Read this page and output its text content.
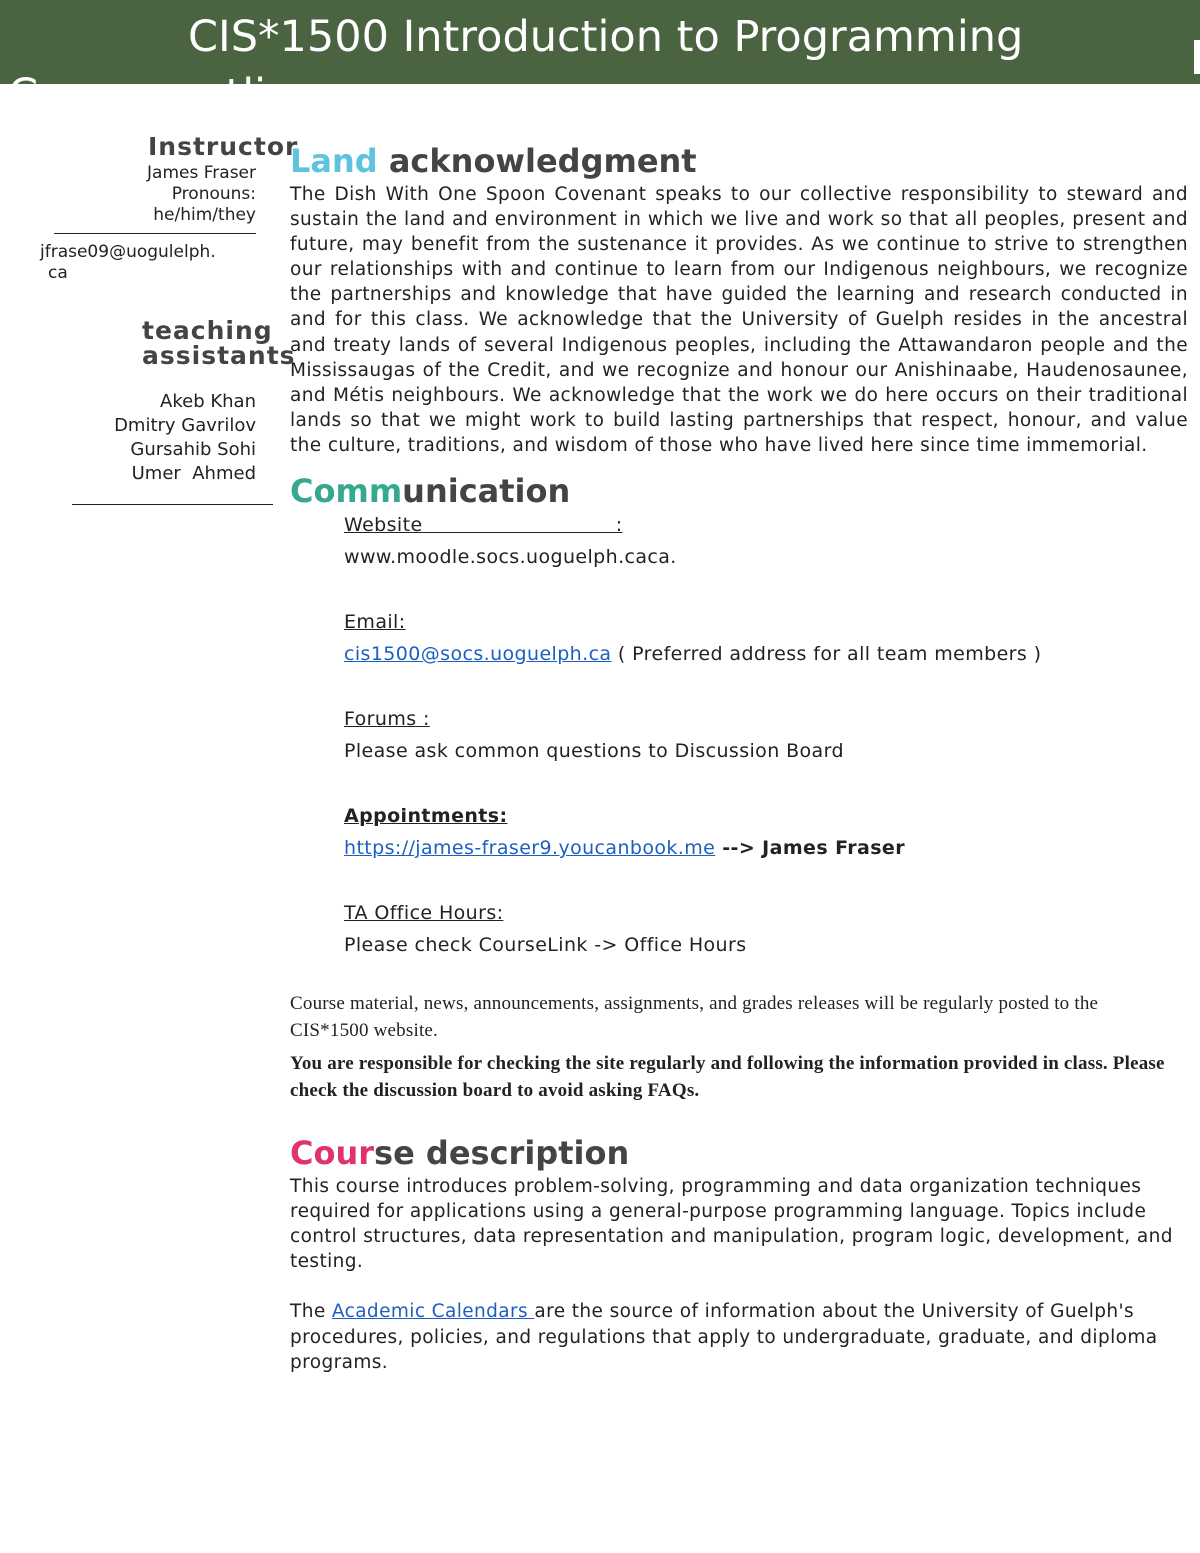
CIS*1500 Introduction to Programming
Course outline
Instructor
James Fraser
Pronouns:
he/him/they
jfrase09@uogulelph.
ca
teaching assistants
Akeb Khan
Dmitry Gavrilov
Gursahib Sohi
Umer  Ahmed
Land acknowledgment
The Dish With One Spoon Covenant speaks to our collective responsibility to steward and sustain the land and environment in which we live and work so that all peoples, present and future, may benefit from the sustenance it provides. As we continue to strive to strengthen our relationships with and continue to learn from our Indigenous neighbours, we recognize the partnerships and knowledge that have guided the learning and research conducted in and for this class. We acknowledge that the University of Guelph resides in the ancestral and treaty lands of several Indigenous peoples, including the Attawandaron people and the Mississaugas of the Credit, and we recognize and honour our Anishinaabe, Haudenosaunee, and Métis neighbours. We acknowledge that the work we do here occurs on their traditional lands so that we might work to build lasting partnerships that respect, honour, and value the culture, traditions, and wisdom of those who have lived here since time immemorial.
Communication
Website                              :
www.moodle.socs.uoguelph.caca.
Email:
cis1500@socs.uoguelph.ca ( Preferred address for all team members )
Forums :
Please ask common questions to Discussion Board
Appointments:
https://james-fraser9.youcanbook.me --> James Fraser
TA Office Hours:
Please check CourseLink -> Office Hours
Course material, news, announcements, assignments, and grades releases will be regularly posted to the CIS*1500 website.
You are responsible for checking the site regularly and following the information provided in class. Please check the discussion board to avoid asking FAQs.
Course description
This course introduces problem-solving, programming and data organization techniques required for applications using a general-purpose programming language. Topics include control structures, data representation and manipulation, program logic, development, and testing.
The Academic Calendars are the source of information about the University of Guelph's procedures, policies, and regulations that apply to undergraduate, graduate, and diploma programs.
